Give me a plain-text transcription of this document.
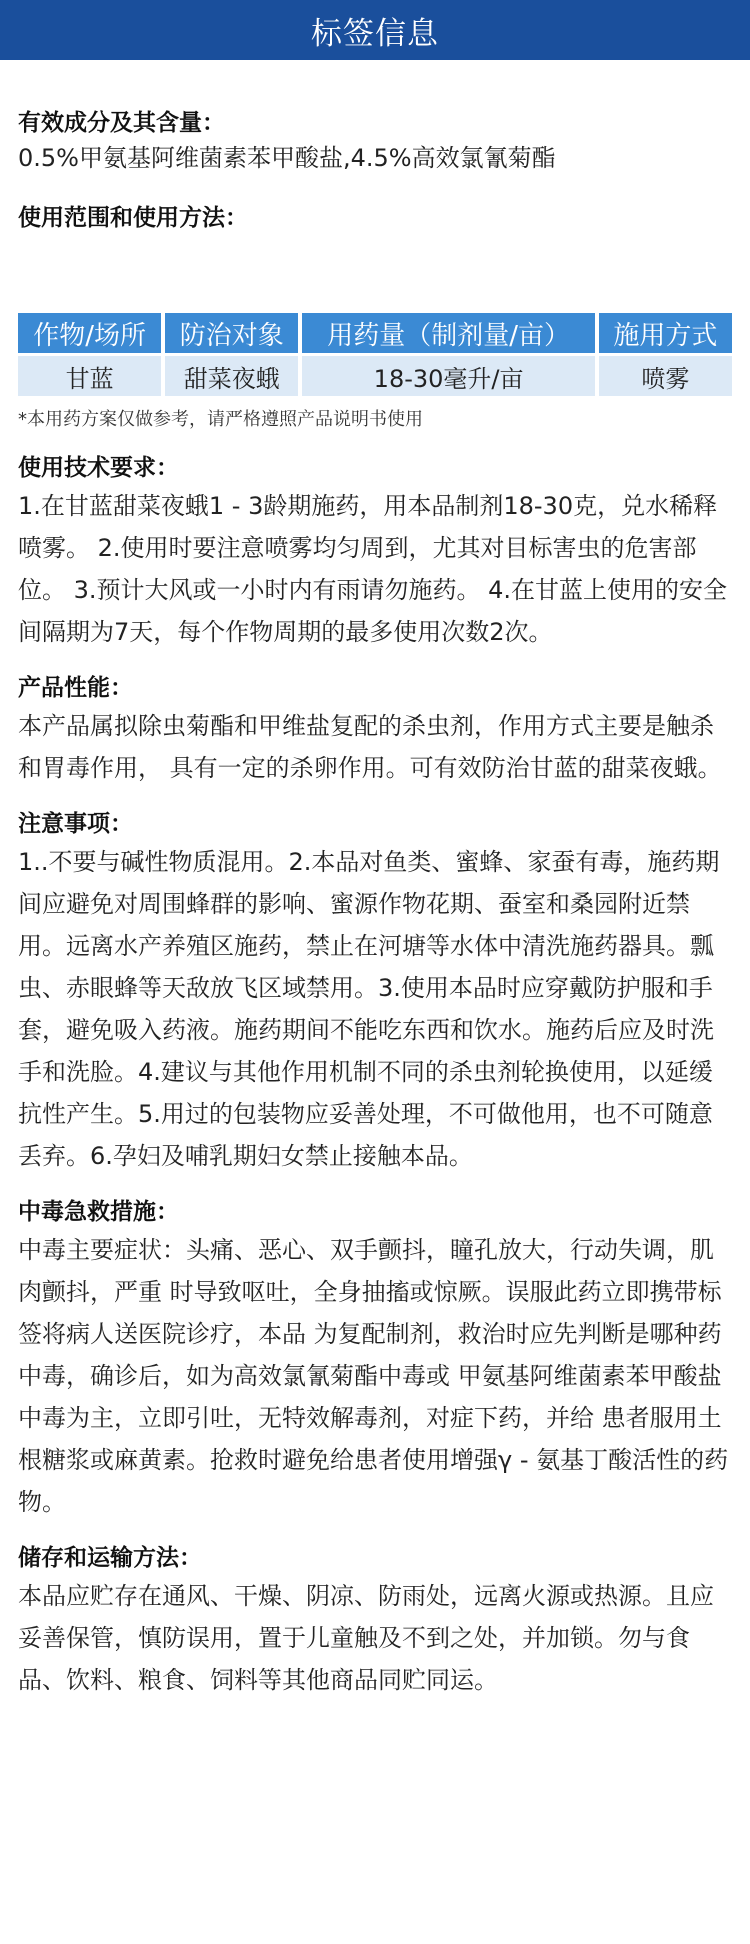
标签信息
有效成分及其含量：

0.5%甲氨基阿维菌素苯甲酸盐,4.5%高效氯氰菊酯

使用范围和使用方法：
作物/场所	防治对象	用药量（制剂量/亩）	施用方式
甘蓝	甜菜夜蛾	18-30毫升/亩	喷雾
*本用药方案仅做参考，请严格遵照产品说明书使用
使用技术要求：

1.在甘蓝甜菜夜蛾1 - 3龄期施药，用本品制剂18-30克，兑水稀释喷雾。 2.使用时要注意喷雾均匀周到，尤其对目标害虫的危害部位。 3.预计大风或一小时内有雨请勿施药。 4.在甘蓝上使用的安全间隔期为7天，每个作物周期的最多使用次数2次。

产品性能：

本产品属拟除虫菊酯和甲维盐复配的杀虫剂，作用方式主要是触杀和胃毒作用， 具有一定的杀卵作用。可有效防治甘蓝的甜菜夜蛾。

注意事项：

1..不要与碱性物质混用。2.本品对鱼类、蜜蜂、家蚕有毒，施药期间应避免对周围蜂群的影响、蜜源作物花期、蚕室和桑园附近禁用。远离水产养殖区施药，禁止在河塘等水体中清洗施药器具。瓢虫、赤眼蜂等天敌放飞区域禁用。3.使用本品时应穿戴防护服和手套，避免吸入药液。施药期间不能吃东西和饮水。施药后应及时洗手和洗脸。4.建议与其他作用机制不同的杀虫剂轮换使用，以延缓抗性产生。5.用过的包装物应妥善处理，不可做他用，也不可随意丢弃。6.孕妇及哺乳期妇女禁止接触本品。

中毒急救措施：

中毒主要症状：头痛、恶心、双手颤抖，瞳孔放大，行动失调，肌肉颤抖，严重 时导致呕吐，全身抽搐或惊厥。误服此药立即携带标签将病人送医院诊疗，本品 为复配制剂，救治时应先判断是哪种药中毒，确诊后，如为高效氯氰菊酯中毒或 甲氨基阿维菌素苯甲酸盐中毒为主，立即引吐，无特效解毒剂，对症下药，并给 患者服用土根糖浆或麻黄素。抢救时避免给患者使用增强γ - 氨基丁酸活性的药物。

储存和运输方法：

本品应贮存在通风、干燥、阴凉、防雨处，远离火源或热源。且应妥善保管，慎防误用，置于儿童触及不到之处，并加锁。勿与食品、饮料、粮食、饲料等其他商品同贮同运。
